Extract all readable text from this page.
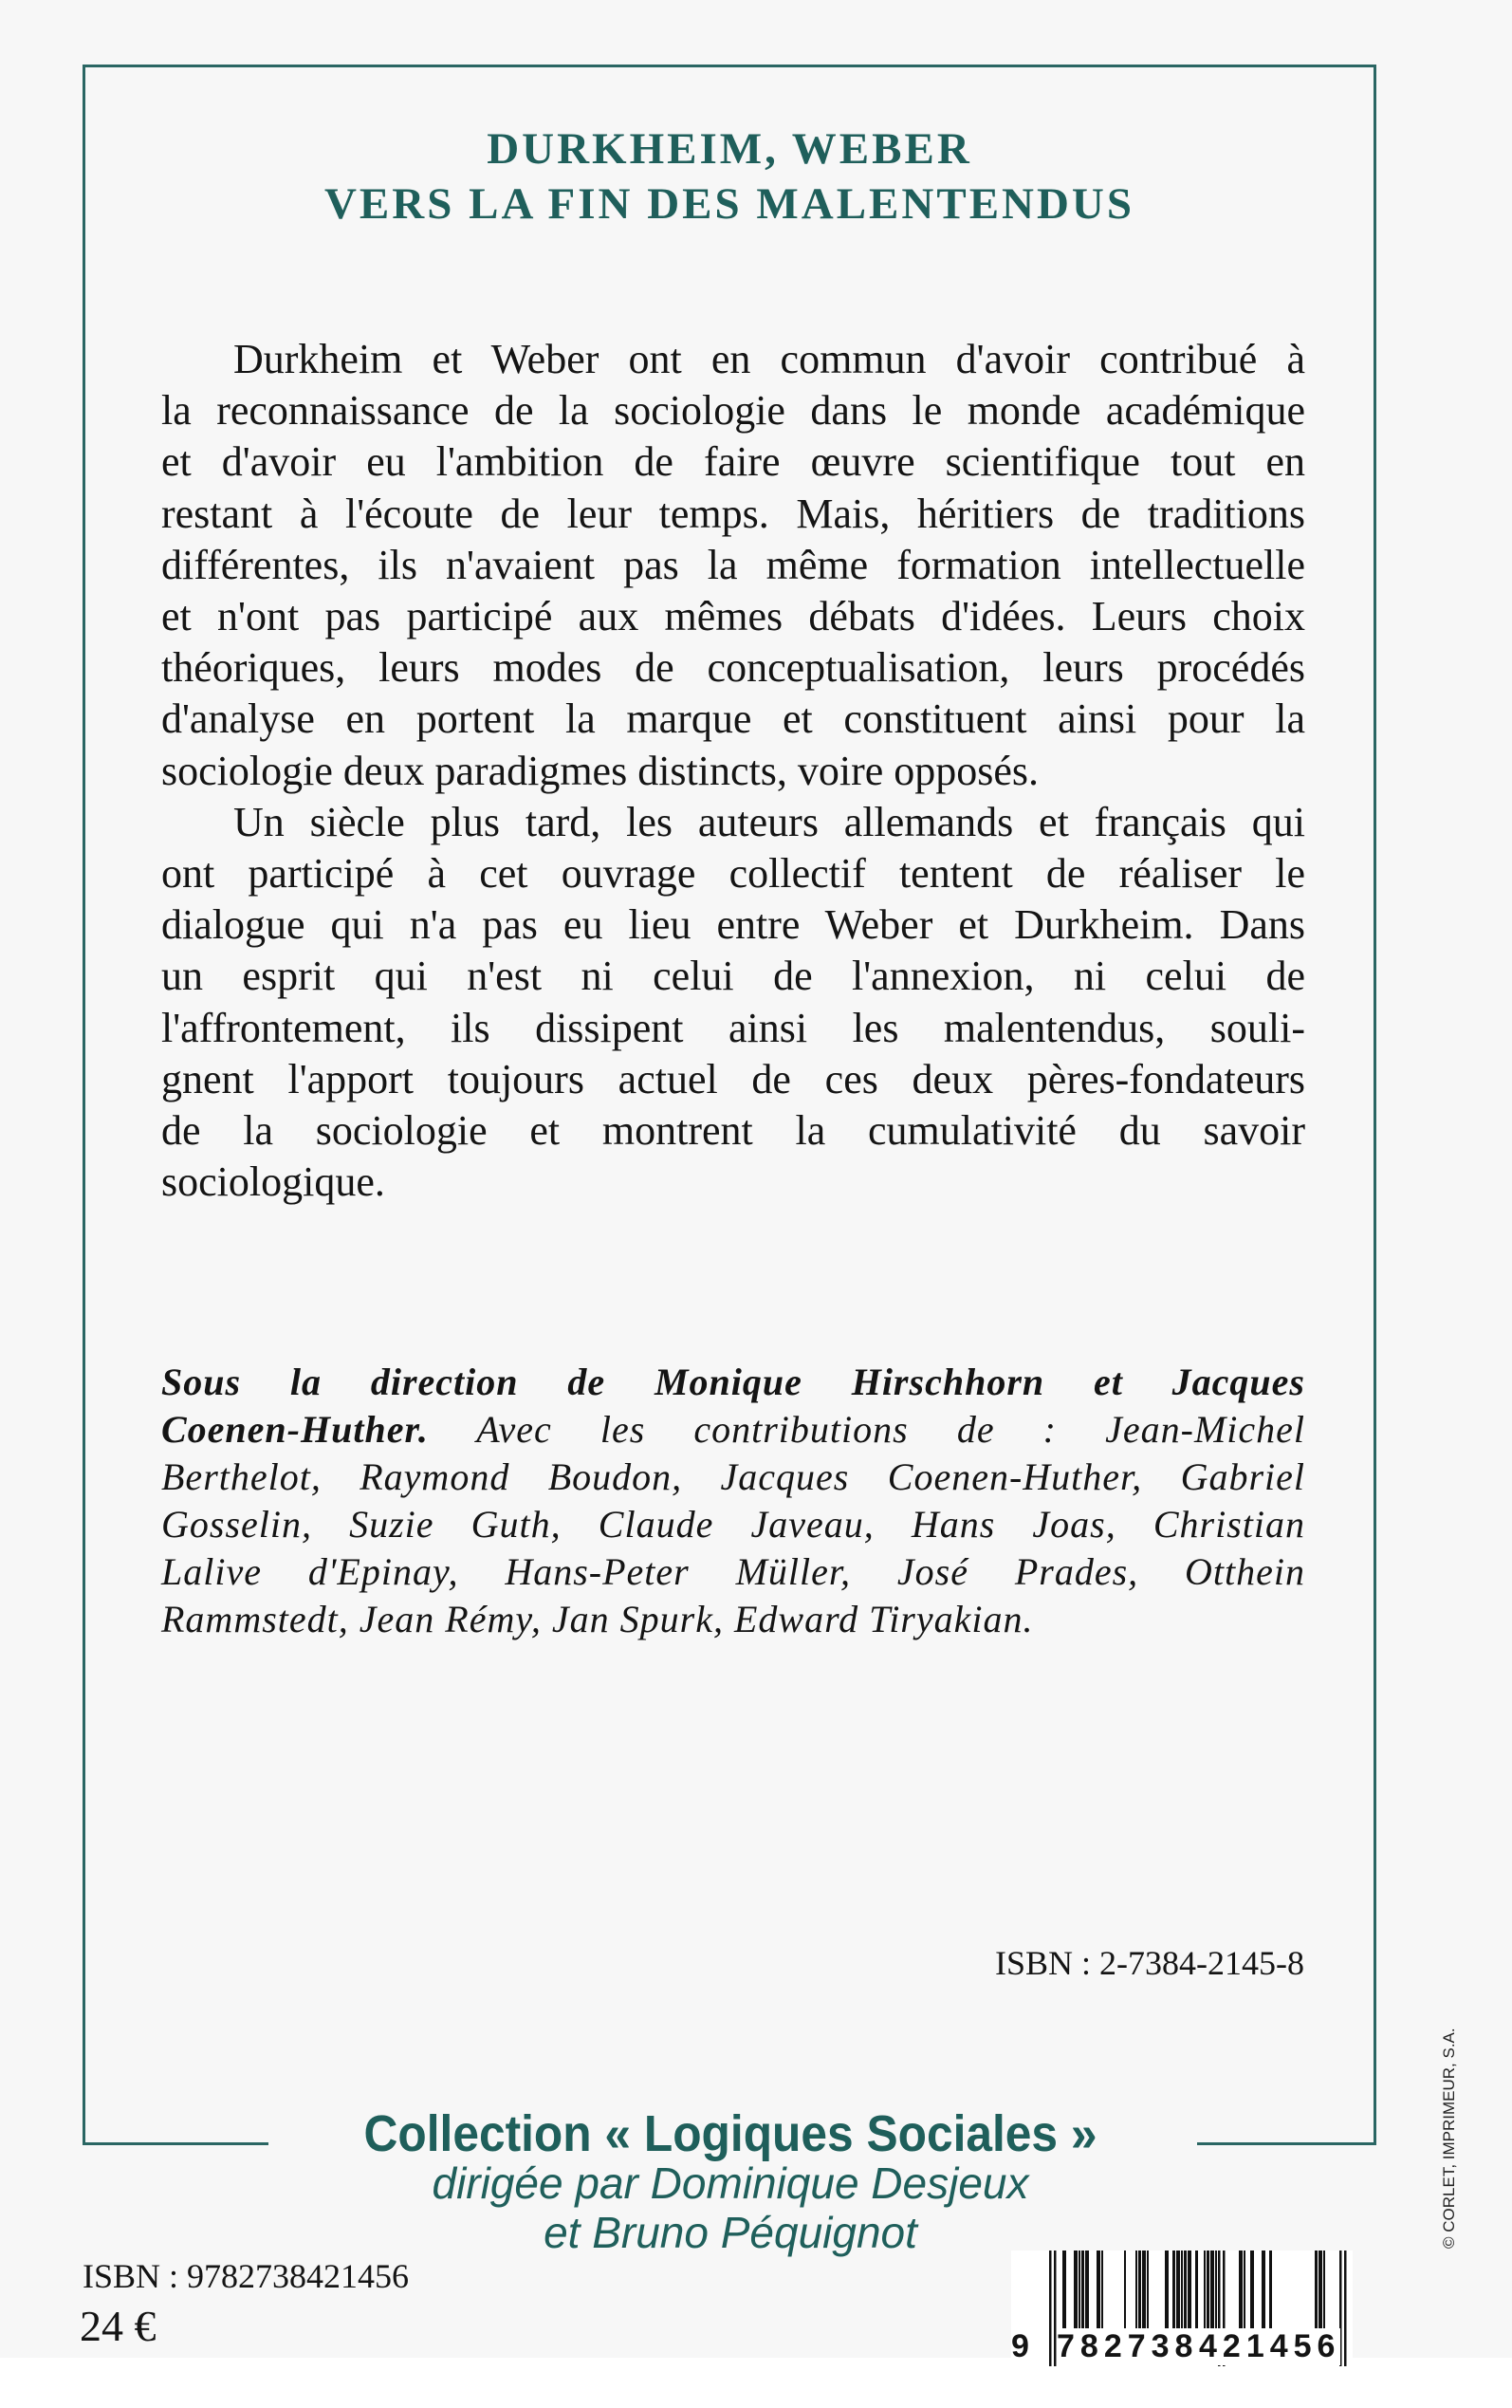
DURKHEIM, WEBER
VERS LA FIN DES MALENTENDUS
Durkheim et Weber ont en commun d'avoir contribué à
la reconnaissance de la sociologie dans le monde académique
et d'avoir eu l'ambition de faire œuvre scientifique tout en
restant à l'écoute de leur temps. Mais, héritiers de traditions
différentes, ils n'avaient pas la même formation intellectuelle
et n'ont pas participé aux mêmes débats d'idées. Leurs choix
théoriques, leurs modes de conceptualisation, leurs procédés
d'analyse en portent la marque et constituent ainsi pour la
sociologie deux paradigmes distincts, voire opposés.
Un siècle plus tard, les auteurs allemands et français qui
ont participé à cet ouvrage collectif tentent de réaliser le
dialogue qui n'a pas eu lieu entre Weber et Durkheim. Dans
un esprit qui n'est ni celui de l'annexion, ni celui de
l'affrontement, ils dissipent ainsi les malentendus, souli-
gnent l'apport toujours actuel de ces deux pères-fondateurs
de la sociologie et montrent la cumulativité du savoir
sociologique.
Sous la direction de Monique Hirschhorn et Jacques
Coenen-Huther. Avec les contributions de : Jean-Michel
Berthelot, Raymond Boudon, Jacques Coenen-Huther, Gabriel
Gosselin, Suzie Guth, Claude Javeau, Hans Joas, Christian
Lalive d'Epinay, Hans-Peter Müller, José Prades, Otthein
Rammstedt, Jean Rémy, Jan Spurk, Edward Tiryakian.
ISBN : 2-7384-2145-8
Collection « Logiques Sociales »
dirigée par Dominique Desjeux
et Bruno Péquignot
ISBN : 9782738421456
24 €
© CORLET, IMPRIMEUR, S.A.
9 782738 421456
